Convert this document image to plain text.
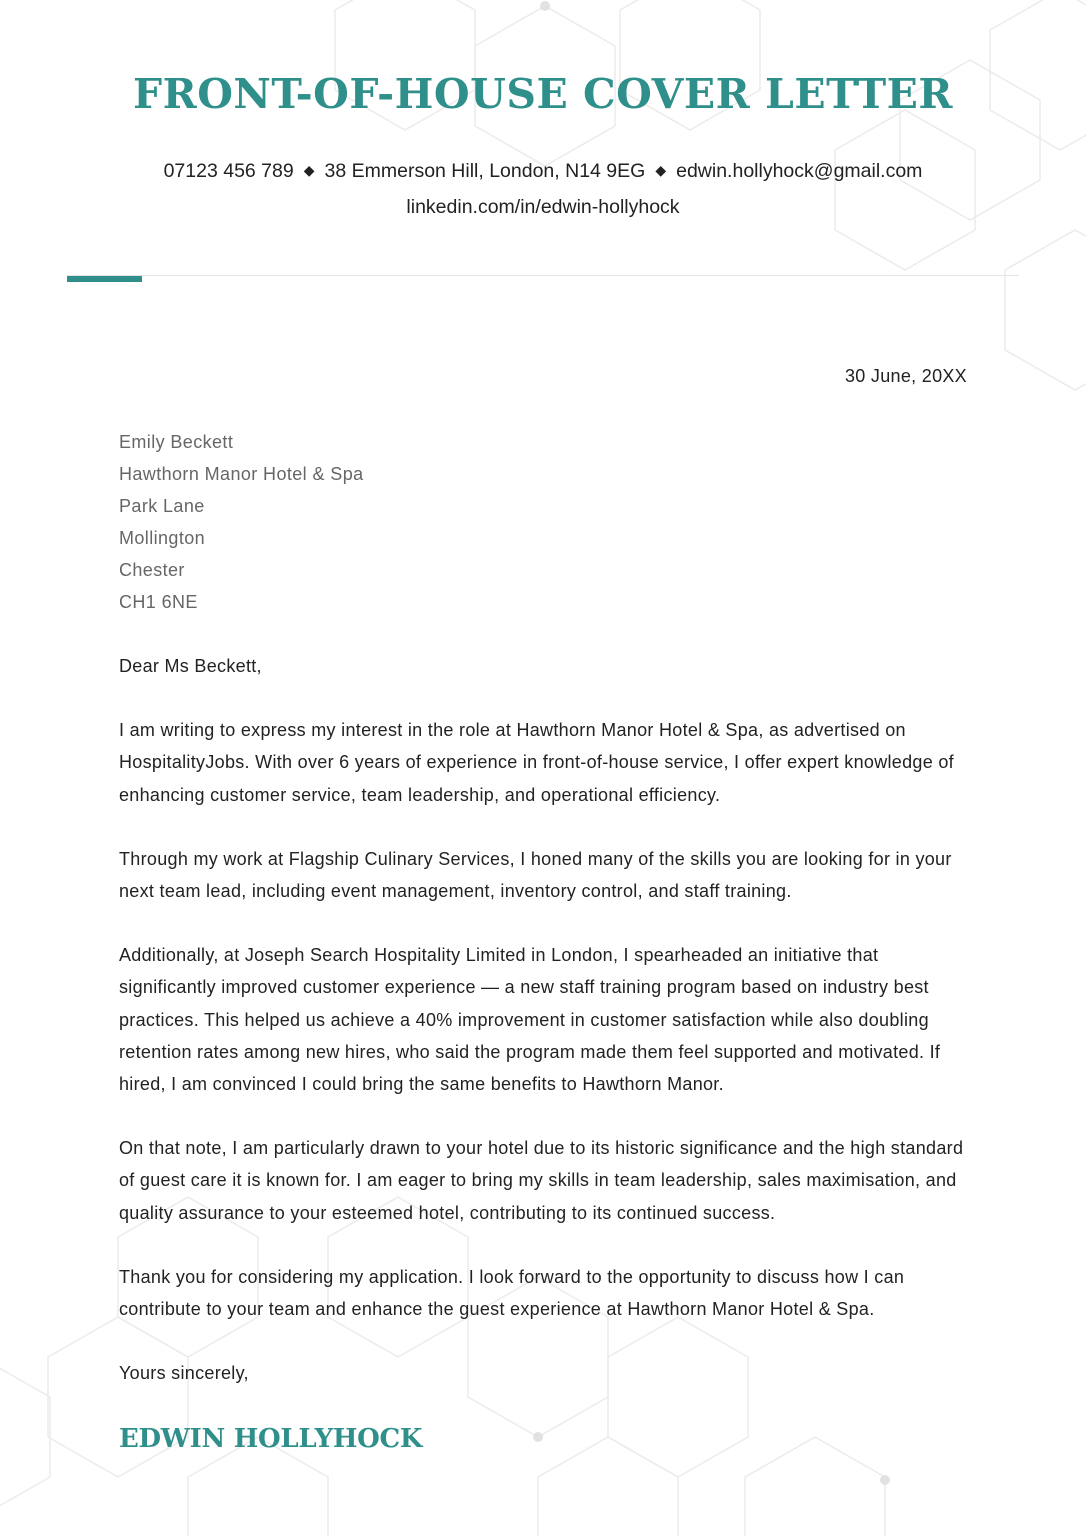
FRONT-OF-HOUSE COVER LETTER
07123 456 789 ◆ 38 Emmerson Hill, London, N14 9EG ◆ edwin.hollyhock@gmail.com
linkedin.com/in/edwin-hollyhock
30 June, 20XX
Emily Beckett
Hawthorn Manor Hotel & Spa
Park Lane
Mollington
Chester
CH1 6NE

Dear Ms Beckett,

I am writing to express my interest in the role at Hawthorn Manor Hotel & Spa, as advertised on HospitalityJobs. With over 6 years of experience in front-of-house service, I offer expert knowledge of enhancing customer service, team leadership, and operational efficiency.

Through my work at Flagship Culinary Services, I honed many of the skills you are looking for in your next team lead, including event management, inventory control, and staff training.

Additionally, at Joseph Search Hospitality Limited in London, I spearheaded an initiative that significantly improved customer experience — a new staff training program based on industry best practices. This helped us achieve a 40% improvement in customer satisfaction while also doubling retention rates among new hires, who said the program made them feel supported and motivated. If hired, I am convinced I could bring the same benefits to Hawthorn Manor.

On that note, I am particularly drawn to your hotel due to its historic significance and the high standard of guest care it is known for. I am eager to bring my skills in team leadership, sales maximisation, and quality assurance to your esteemed hotel, contributing to its continued success.

Thank you for considering my application. I look forward to the opportunity to discuss how I can contribute to your team and enhance the guest experience at Hawthorn Manor Hotel & Spa.

Yours sincerely,

EDWIN HOLLYHOCK
